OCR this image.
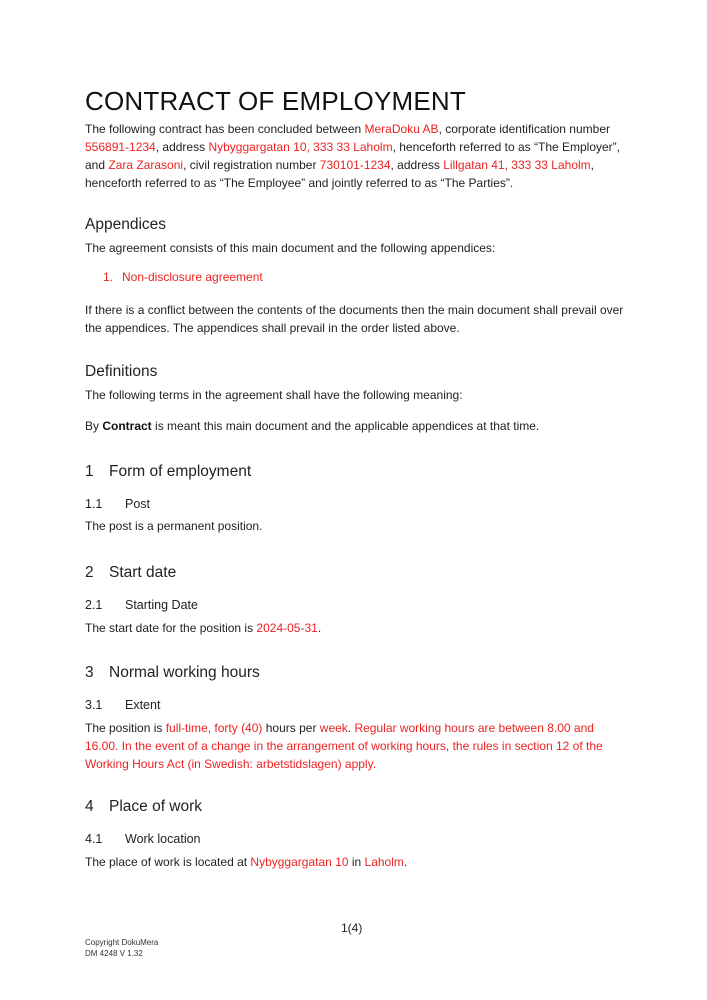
CONTRACT OF EMPLOYMENT
The following contract has been concluded between MeraDoku AB, corporate identification number 556891-1234, address Nybyggargatan 10, 333 33 Laholm, henceforth referred to as “The Employer”, and Zara Zarasoni, civil registration number 730101-1234, address Lillgatan 41, 333 33 Laholm, henceforth referred to as “The Employee” and jointly referred to as “The Parties”.
Appendices
The agreement consists of this main document and the following appendices:
1. Non-disclosure agreement
If there is a conflict between the contents of the documents then the main document shall prevail over the appendices. The appendices shall prevail in the order listed above.
Definitions
The following terms in the agreement shall have the following meaning:
By Contract is meant this main document and the applicable appendices at that time.
1 Form of employment
1.1 Post
The post is a permanent position.
2 Start date
2.1 Starting Date
The start date for the position is 2024-05-31.
3 Normal working hours
3.1 Extent
The position is full-time, forty (40) hours per week. Regular working hours are between 8.00 and 16.00. In the event of a change in the arrangement of working hours, the rules in section 12 of the Working Hours Act (in Swedish: arbetstidslagen) apply.
4 Place of work
4.1 Work location
The place of work is located at Nybyggargatan 10 in Laholm.
1(4)
Copyright DokuMera
DM 4248 V 1.32
